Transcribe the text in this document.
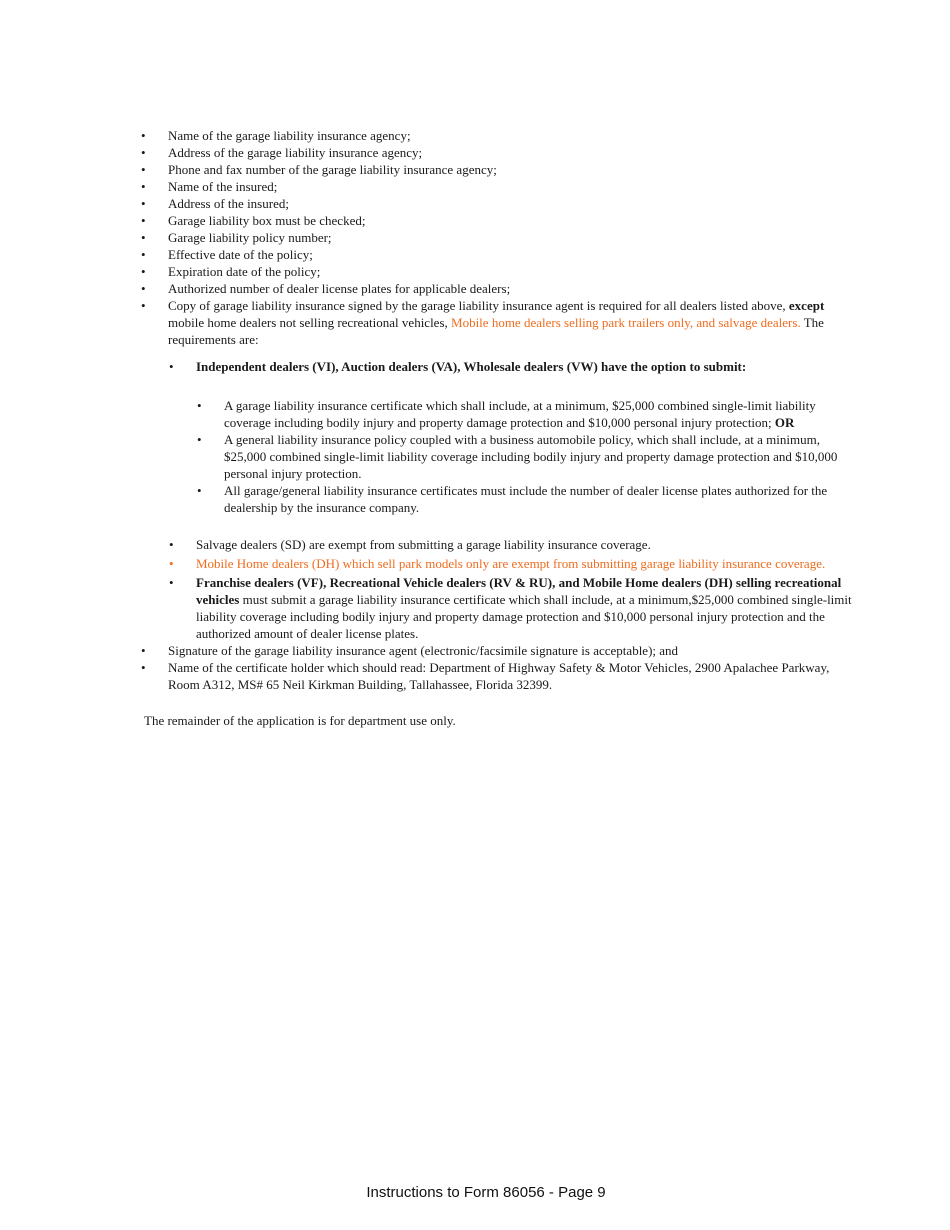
• Name of the garage liability insurance agency;
• Address of the garage liability insurance agency;
• Phone and fax number of the garage liability insurance agency;
• Name of the insured;
• Address of the insured;
• Garage liability box must be checked;
• Garage liability policy number;
• Effective date of the policy;
• Expiration date of the policy;
• Authorized number of dealer license plates for applicable dealers;
• Copy of garage liability insurance signed by the garage liability insurance agent is required for all dealers listed above, except mobile home dealers not selling recreational vehicles, Mobile home dealers selling park trailers only, and salvage dealers. The requirements are:
• Independent dealers (VI), Auction dealers (VA), Wholesale dealers (VW) have the option to submit:
• A garage liability insurance certificate which shall include, at a minimum, $25,000 combined single-limit liability coverage including bodily injury and property damage protection and $10,000 personal injury protection; OR
• A general liability insurance policy coupled with a business automobile policy, which shall include, at a minimum, $25,000 combined single-limit liability coverage including bodily injury and property damage protection and $10,000 personal injury protection.
• All garage/general liability insurance certificates must include the number of dealer license plates authorized for the dealership by the insurance company.
• Salvage dealers (SD) are exempt from submitting a garage liability insurance coverage.
• Mobile Home dealers (DH) which sell park models only are exempt from submitting garage liability insurance coverage.
• Franchise dealers (VF), Recreational Vehicle dealers (RV & RU), and Mobile Home dealers (DH) selling recreational vehicles must submit a garage liability insurance certificate which shall include, at a minimum,$25,000 combined single-limit liability coverage including bodily injury and property damage protection and $10,000 personal injury protection and the authorized amount of dealer license plates.
• Signature of the garage liability insurance agent (electronic/facsimile signature is acceptable); and
• Name of the certificate holder which should read: Department of Highway Safety & Motor Vehicles, 2900 Apalachee Parkway, Room A312, MS# 65 Neil Kirkman Building, Tallahassee, Florida 32399.
The remainder of the application is for department use only.
Instructions to Form 86056 - Page 9
